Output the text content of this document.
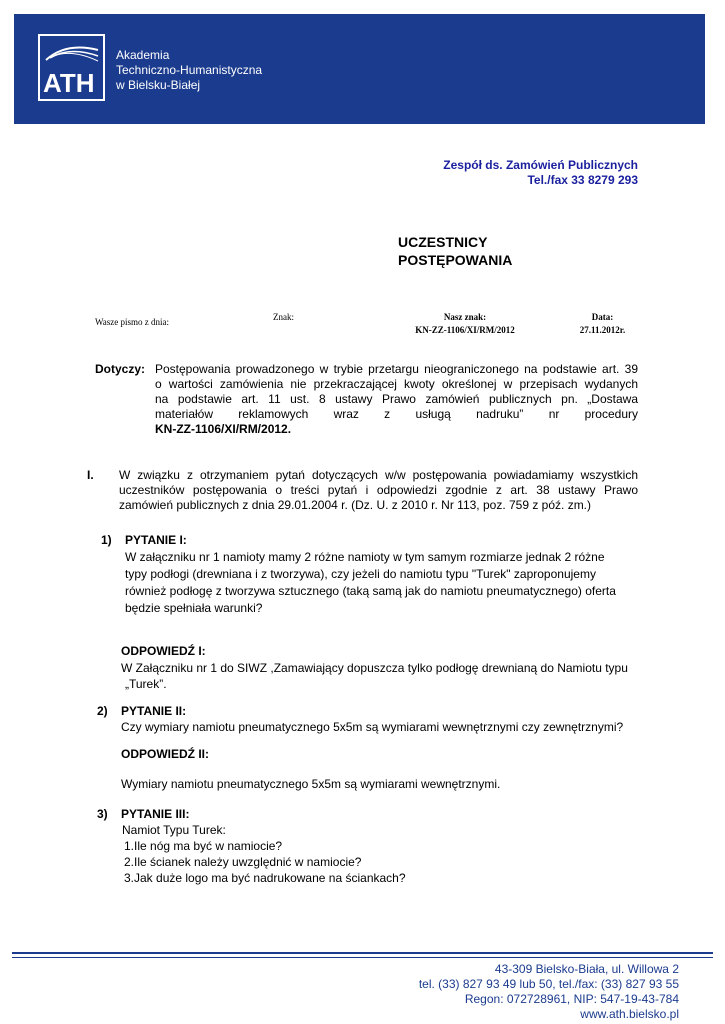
ATH
Akademia
Techniczno-Humanistyczna
w Bielsku-Białej
Zespół ds. Zamówień Publicznych
Tel./fax 33 8279 293
UCZESTNICY
POSTĘPOWANIA
Wasze pismo z dnia:	Znak:	Nasz znak:
KN-ZZ-1106/XI/RM/2012
Data:
27.11.2012r.
Dotyczy: Postępowania prowadzonego w trybie przetargu nieograniczonego na podstawie art. 39
o wartości zamówienia nie przekraczającej kwoty określonej w przepisach wydanych
na podstawie art. 11 ust. 8 ustawy Prawo zamówień publicznych pn. „Dostawa
materiałów reklamowych wraz z usługą nadruku” nr procedury
KN-ZZ-1106/XI/RM/2012.
I. W związku z otrzymaniem pytań dotyczących w/w postępowania powiadamiamy wszystkich
uczestników postępowania o treści pytań i odpowiedzi zgodnie z art. 38 ustawy Prawo
zamówień publicznych z dnia 29.01.2004 r. (Dz. U. z 2010 r. Nr 113, poz. 759 z póź. zm.)
1) PYTANIE I:
W załączniku nr 1 namioty mamy 2 różne namioty w tym samym rozmiarze jednak 2 różne
typy podłogi (drewniana i z tworzywa), czy jeżeli do namiotu typu "Turek" zaproponujemy
również podłogę z tworzywa sztucznego (taką samą jak do namiotu pneumatycznego) oferta
będzie spełniała warunki?
ODPOWIEDŹ I:
W Załączniku nr 1 do SIWZ ,Zamawiający dopuszcza tylko podłogę drewnianą do Namiotu typu
„Turek”.
2) PYTANIE II:
Czy wymiary namiotu pneumatycznego 5x5m są wymiarami wewnętrznymi czy zewnętrznymi?
ODPOWIEDŹ II:
Wymiary namiotu pneumatycznego 5x5m są wymiarami wewnętrznymi.
3) PYTANIE III:
Namiot Typu Turek:
1.Ile nóg ma być w namiocie?
2.Ile ścianek należy uwzględnić w namiocie?
3.Jak duże logo ma być nadrukowane na ściankach?
43-309 Bielsko-Biała, ul. Willowa 2
tel. (33) 827 93 49 lub 50, tel./fax: (33) 827 93 55
Regon: 072728961, NIP: 547-19-43-784
www.ath.bielsko.pl
